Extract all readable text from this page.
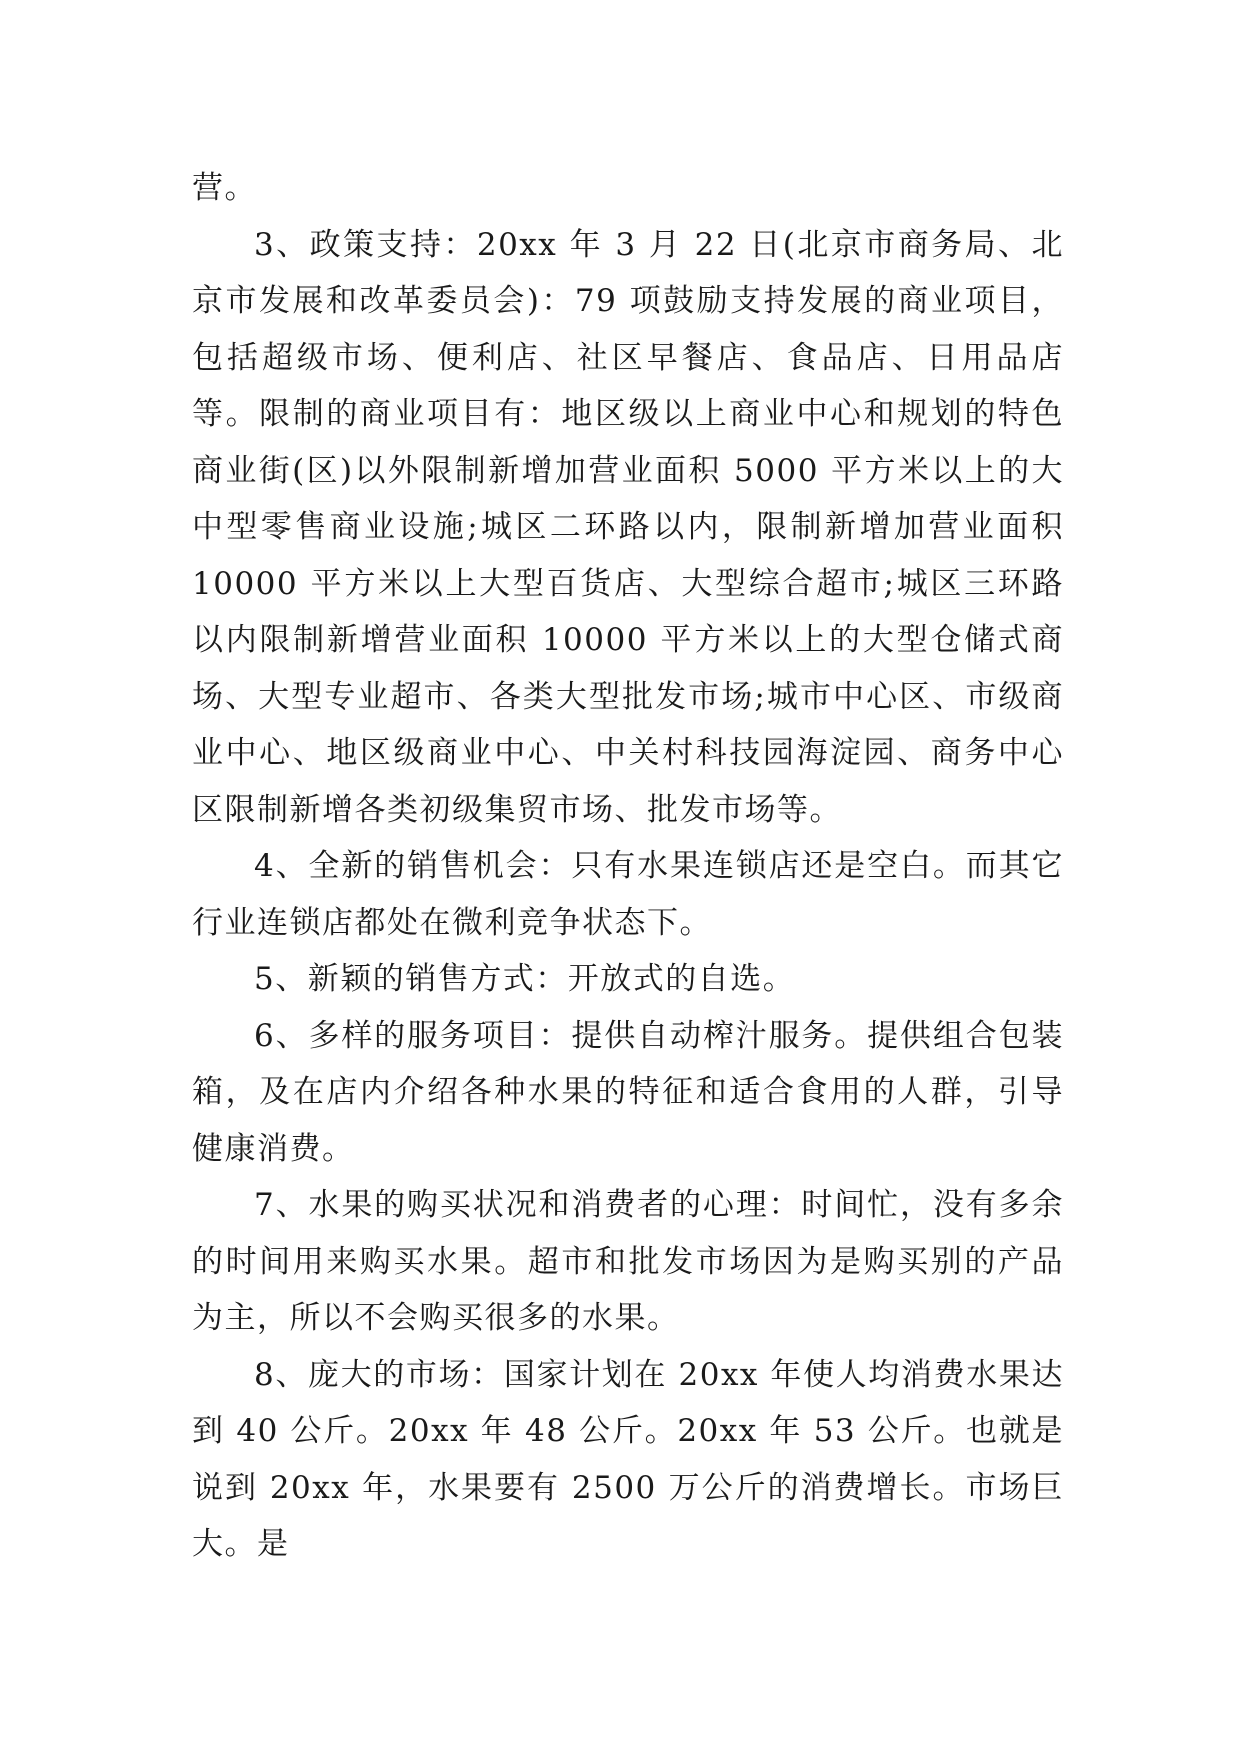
营。

3、政策支持：20xx 年 3 月 22 日(北京市商务局、北京市发展和改革委员会)：79 项鼓励支持发展的商业项目，包括超级市场、便利店、社区早餐店、食品店、日用品店等。限制的商业项目有：地区级以上商业中心和规划的特色商业街(区)以外限制新增加营业面积 5000 平方米以上的大中型零售商业设施;城区二环路以内，限制新增加营业面积 10000 平方米以上大型百货店、大型综合超市;城区三环路以内限制新增营业面积 10000 平方米以上的大型仓储式商场、大型专业超市、各类大型批发市场;城市中心区、市级商业中心、地区级商业中心、中关村科技园海淀园、商务中心区限制新增各类初级集贸市场、批发市场等。

4、全新的销售机会：只有水果连锁店还是空白。而其它行业连锁店都处在微利竞争状态下。

5、新颖的销售方式：开放式的自选。

6、多样的服务项目：提供自动榨汁服务。提供组合包装箱，及在店内介绍各种水果的特征和适合食用的人群，引导健康消费。

7、水果的购买状况和消费者的心理：时间忙，没有多余的时间用来购买水果。超市和批发市场因为是购买别的产品为主，所以不会购买很多的水果。

8、庞大的市场：国家计划在 20xx 年使人均消费水果达到 40 公斤。20xx 年 48 公斤。20xx 年 53 公斤。也就是说到 20xx 年，水果要有 2500 万公斤的消费增长。市场巨大。是
